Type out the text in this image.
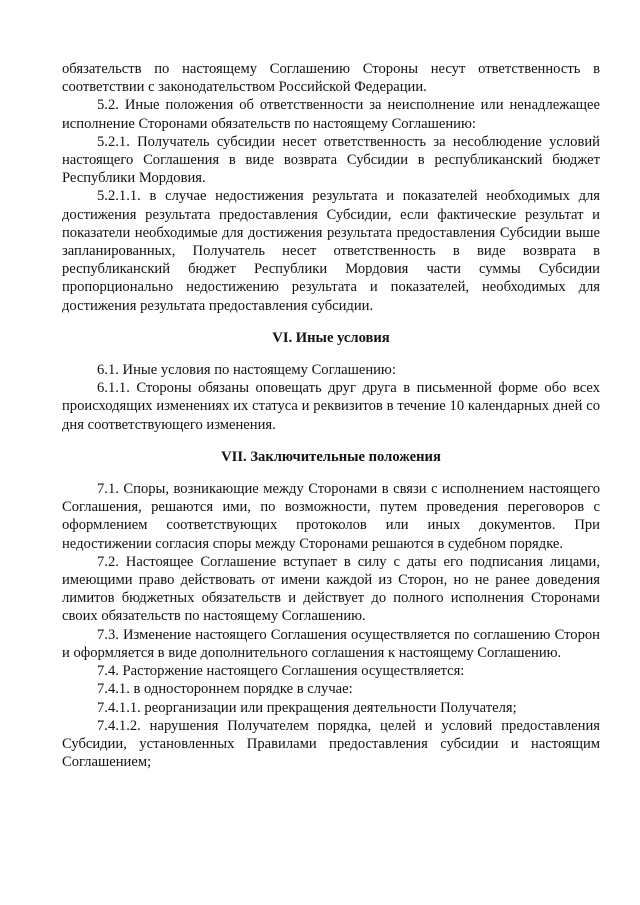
обязательств по настоящему Соглашению Стороны несут ответственность в соответствии с законодательством Российской Федерации.

5.2. Иные положения об ответственности за неисполнение или ненадлежащее исполнение Сторонами обязательств по настоящему Соглашению:

5.2.1. Получатель субсидии несет ответственность за несоблюдение условий настоящего Соглашения в виде возврата Субсидии в республиканский бюджет Республики Мордовия.

5.2.1.1. в случае недостижения результата и показателей необходимых для достижения результата предоставления Субсидии, если фактические результат и показатели необходимые для достижения результата предоставления Субсидии выше запланированных, Получатель несет ответственность в виде возврата в республиканский бюджет Республики Мордовия части суммы Субсидии пропорционально недостижению результата и показателей, необходимых для достижения результата предоставления субсидии.

VI. Иные условия

6.1. Иные условия по настоящему Соглашению:

6.1.1. Стороны обязаны оповещать друг друга в письменной форме обо всех происходящих изменениях их статуса и реквизитов в течение 10 календарных дней со дня соответствующего изменения.

VII. Заключительные положения

7.1. Споры, возникающие между Сторонами в связи с исполнением настоящего Соглашения, решаются ими, по возможности, путем проведения переговоров с оформлением соответствующих протоколов или иных документов. При недостижении согласия споры между Сторонами решаются в судебном порядке.

7.2. Настоящее Соглашение вступает в силу с даты его подписания лицами, имеющими право действовать от имени каждой из Сторон, но не ранее доведения лимитов бюджетных обязательств и действует до полного исполнения Сторонами своих обязательств по настоящему Соглашению.

7.3. Изменение настоящего Соглашения осуществляется по соглашению Сторон и оформляется в виде дополнительного соглашения к настоящему Соглашению.

7.4. Расторжение настоящего Соглашения осуществляется:

7.4.1. в одностороннем порядке в случае:

7.4.1.1. реорганизации или прекращения деятельности Получателя;

7.4.1.2. нарушения Получателем порядка, целей и условий предоставления Субсидии, установленных Правилами предоставления субсидии и настоящим Соглашением;
